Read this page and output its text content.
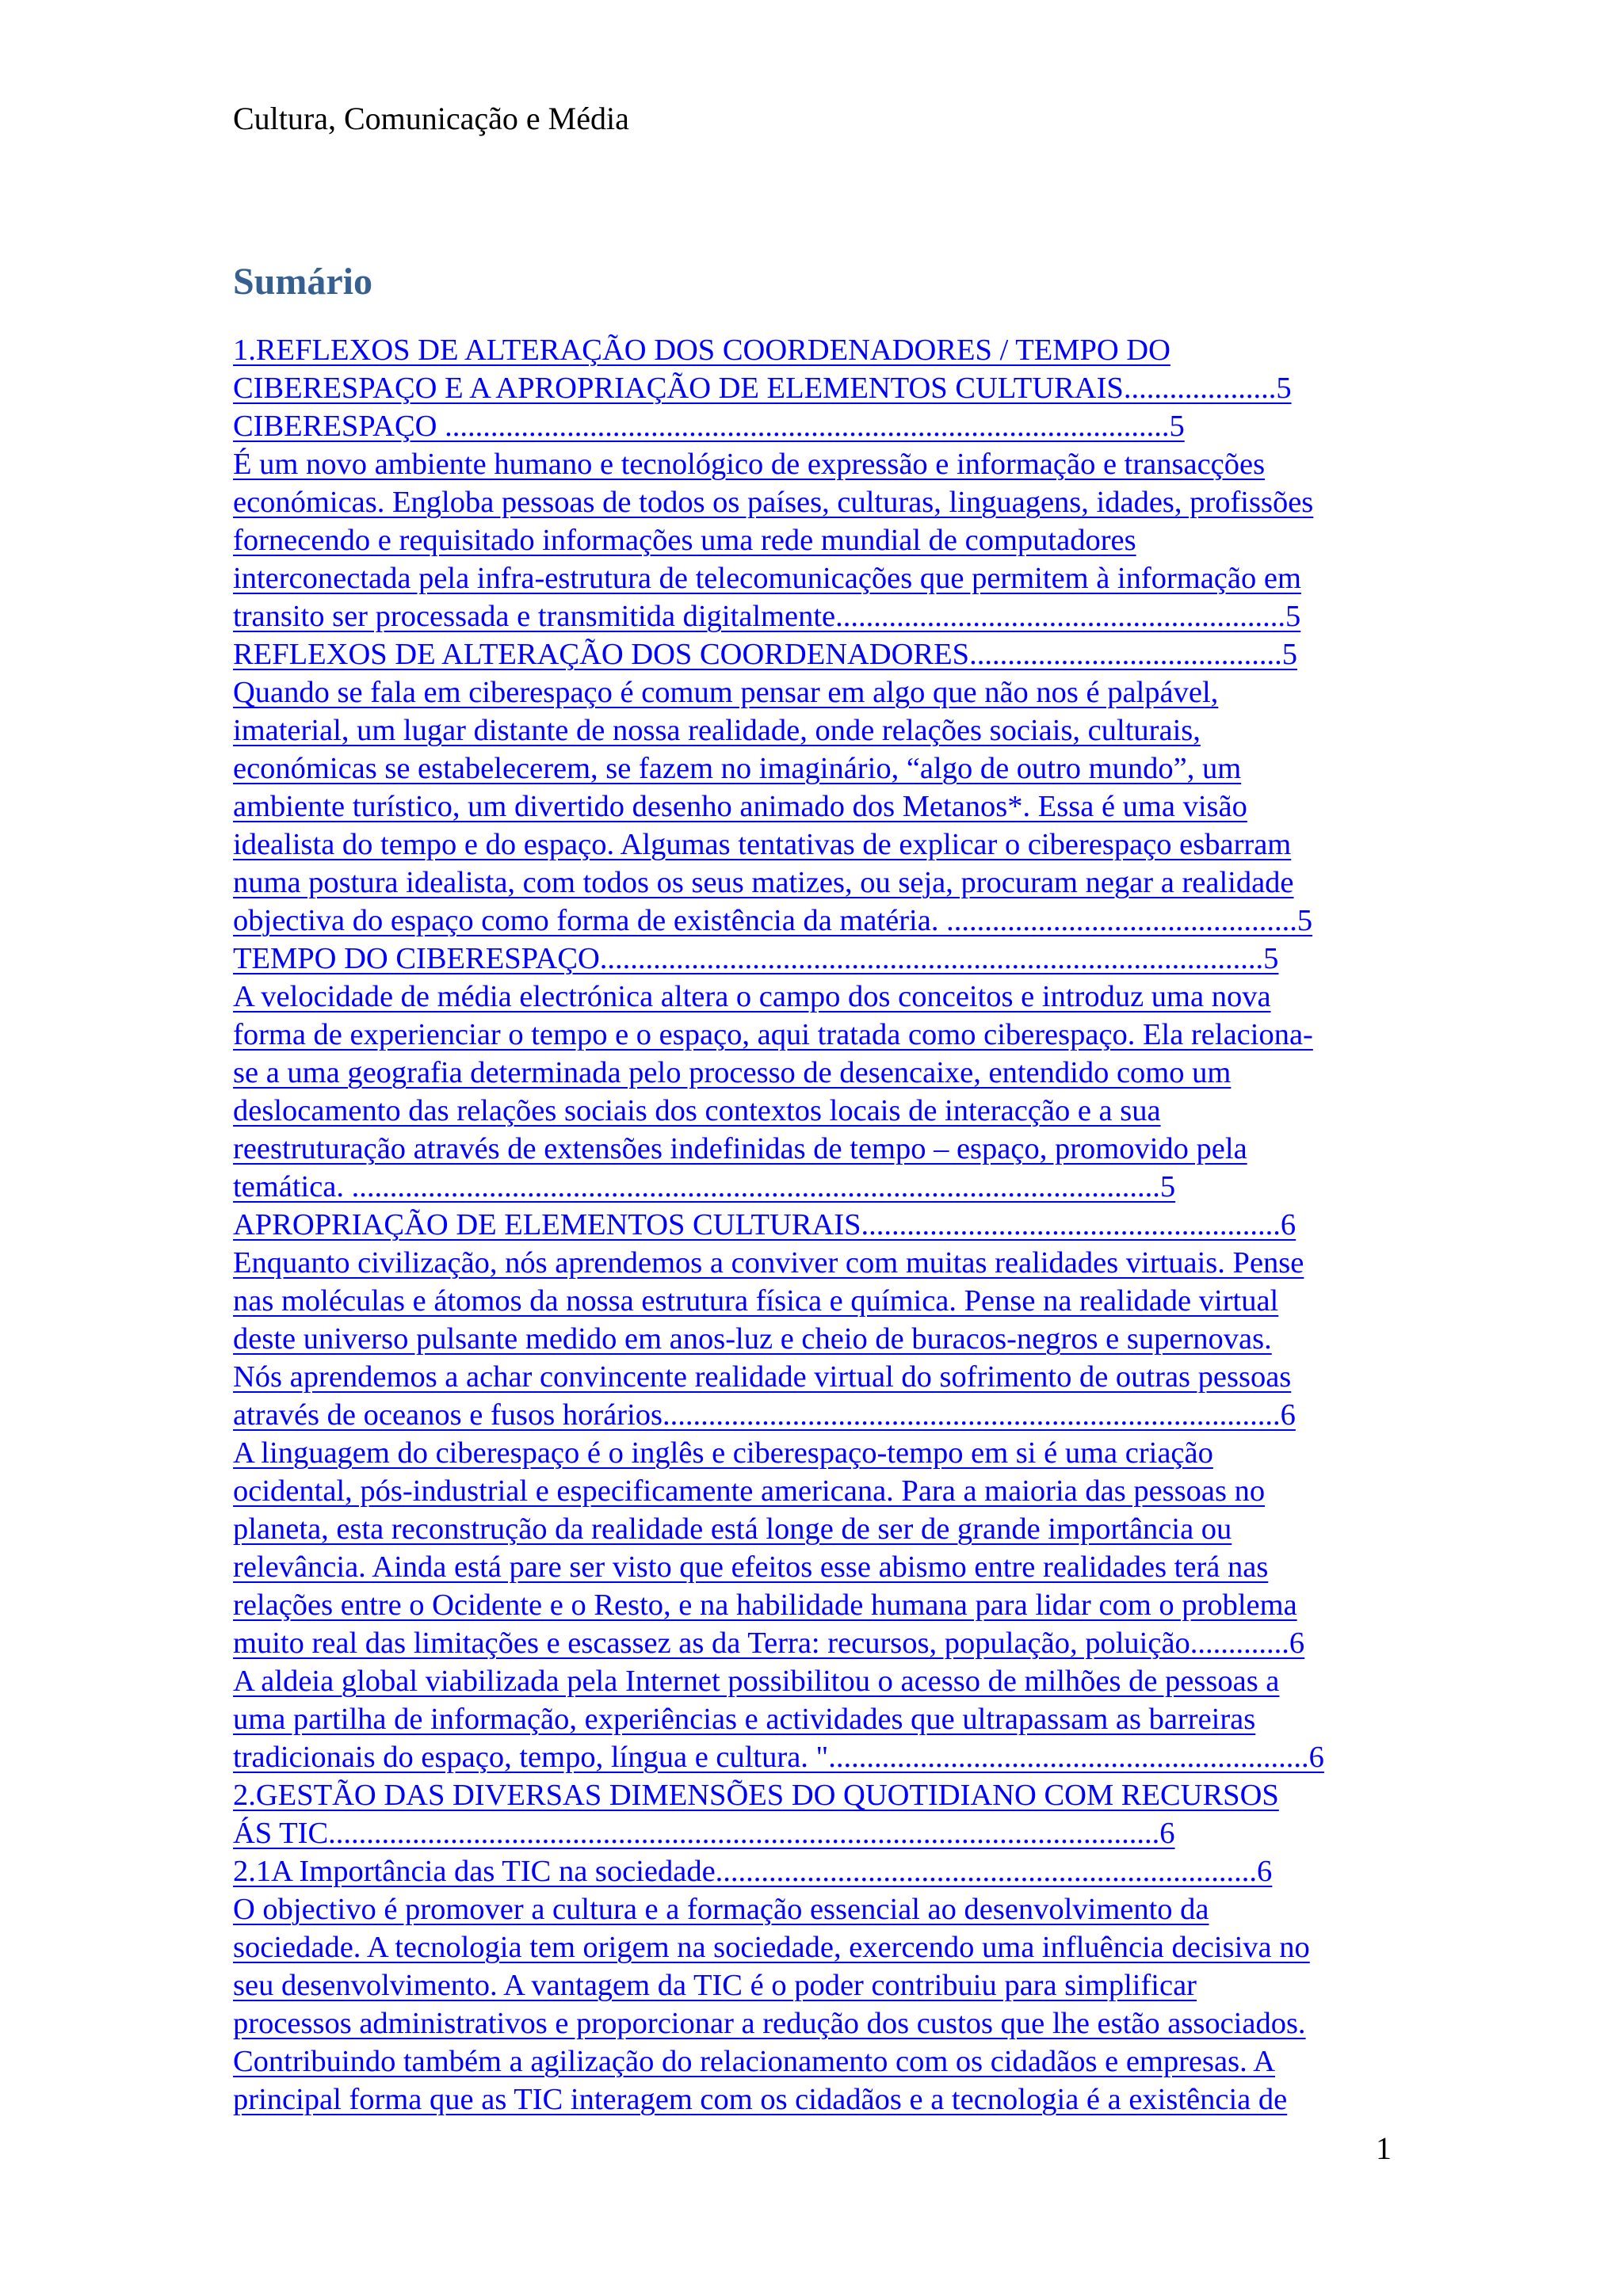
Cultura, Comunicação e Média
Sumário
1.REFLEXOS DE ALTERAÇÃO DOS COORDENADORES / TEMPO DO
CIBERESPAÇO E A APROPRIAÇÃO DE ELEMENTOS CULTURAIS....................5
CIBERESPAÇO ...............................................................................................5
É um novo ambiente humano e tecnológico de expressão e informação e transacções
económicas. Engloba pessoas de todos os países, culturas, linguagens, idades, profissões
fornecendo e requisitado informações uma rede mundial de computadores
interconectada pela infra-estrutura de telecomunicações que permitem à informação em
transito ser processada e transmitida digitalmente...........................................................5
REFLEXOS DE ALTERAÇÃO DOS COORDENADORES.........................................5
Quando se fala em ciberespaço é comum pensar em algo que não nos é palpável,
imaterial, um lugar distante de nossa realidade, onde relações sociais, culturais,
económicas se estabelecerem, se fazem no imaginário, “algo de outro mundo”, um
ambiente turístico, um divertido desenho animado dos Metanos*. Essa é uma visão
idealista do tempo e do espaço. Algumas tentativas de explicar o ciberespaço esbarram
numa postura idealista, com todos os seus matizes, ou seja, procuram negar a realidade
objectiva do espaço como forma de existência da matéria. ..............................................5
TEMPO DO CIBERESPAÇO.......................................................................................5
A velocidade de média electrónica altera o campo dos conceitos e introduz uma nova
forma de experienciar o tempo e o espaço, aqui tratada como ciberespaço. Ela relaciona-
se a uma geografia determinada pelo processo de desencaixe, entendido como um
deslocamento das relações sociais dos contextos locais de interacção e a sua
reestruturação através de extensões indefinidas de tempo – espaço, promovido pela
temática. ..........................................................................................................5
APROPRIAÇÃO DE ELEMENTOS CULTURAIS.......................................................6
Enquanto civilização, nós aprendemos a conviver com muitas realidades virtuais. Pense
nas moléculas e átomos da nossa estrutura física e química. Pense na realidade virtual
deste universo pulsante medido em anos-luz e cheio de buracos-negros e supernovas.
Nós aprendemos a achar convincente realidade virtual do sofrimento de outras pessoas
através de oceanos e fusos horários.................................................................................6
A linguagem do ciberespaço é o inglês e ciberespaço-tempo em si é uma criação
ocidental, pós-industrial e especificamente americana. Para a maioria das pessoas no
planeta, esta reconstrução da realidade está longe de ser de grande importância ou
relevância. Ainda está pare ser visto que efeitos esse abismo entre realidades terá nas
relações entre o Ocidente e o Resto, e na habilidade humana para lidar com o problema
muito real das limitações e escassez as da Terra: recursos, população, poluição.............6
A aldeia global viabilizada pela Internet possibilitou o acesso de milhões de pessoas a
uma partilha de informação, experiências e actividades que ultrapassam as barreiras
tradicionais do espaço, tempo, língua e cultura. "...............................................................6
2.GESTÃO DAS DIVERSAS DIMENSÕES DO QUOTIDIANO COM RECURSOS
ÁS TIC.............................................................................................................6
2.1A Importância das TIC na sociedade.......................................................................6
O objectivo é promover a cultura e a formação essencial ao desenvolvimento da
sociedade. A tecnologia tem origem na sociedade, exercendo uma influência decisiva no
seu desenvolvimento. A vantagem da TIC é o poder contribuiu para simplificar
processos administrativos e proporcionar a redução dos custos que lhe estão associados.
Contribuindo também a agilização do relacionamento com os cidadãos e empresas. A
principal forma que as TIC interagem com os cidadãos e a tecnologia é a existência de
1
